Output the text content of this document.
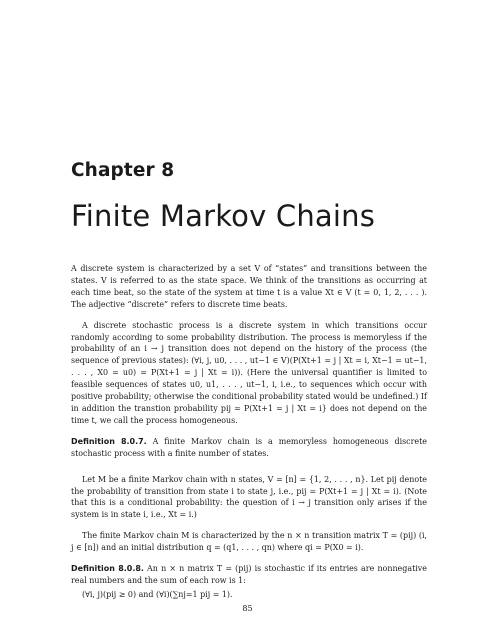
Chapter 8
Finite Markov Chains

A discrete system is characterized by a set V of “states” and transitions between the states. V is referred to as the state space. We think of the transitions as occurring at each time beat, so the state of the system at time t is a value Xt ∈ V (t = 0, 1, 2, . . . ). The adjective “discrete” refers to discrete time beats.

A discrete stochastic process is a discrete system in which transitions occur randomly according to some probability distribution. The process is memoryless if the probability of an i → j transition does not depend on the history of the process (the sequence of previous states): (∀i, j, u0, . . . , ut−1 ∈ V)(P(Xt+1 = j | Xt = i, Xt−1 = ut−1, . . . , X0 = u0) = P(Xt+1 = j | Xt = i)). (Here the universal quantifier is limited to feasible sequences of states u0, u1, . . . , ut−1, i, i.e., to sequences which occur with positive probability; otherwise the conditional probability stated would be undefined.) If in addition the transtion probability pij = P(Xt+1 = j | Xt = i} does not depend on the time t, we call the process homogeneous.

Definition 8.0.7. A finite Markov chain is a memoryless homogeneous discrete stochastic process with a finite number of states.

Let M be a finite Markov chain with n states, V = [n] = {1, 2, . . . , n}. Let pij denote the probability of transition from state i to state j, i.e., pij = P(Xt+1 = j | Xt = i). (Note that this is a conditional probability: the question of i → j transition only arises if the system is in state i, i.e., Xt = i.)

The finite Markov chain M is characterized by the n × n transition matrix T = (pij) (i, j ∈ [n]) and an initial distribution q = (q1, . . . , qn) where qi = P(X0 = i).

Definition 8.0.8. An n × n matrix T = (pij) is stochastic if its entries are nonnegative real numbers and the sum of each row is 1:

(∀i, j)(pij ≥ 0) and (∀i)(∑nj=1 pij = 1).
85
